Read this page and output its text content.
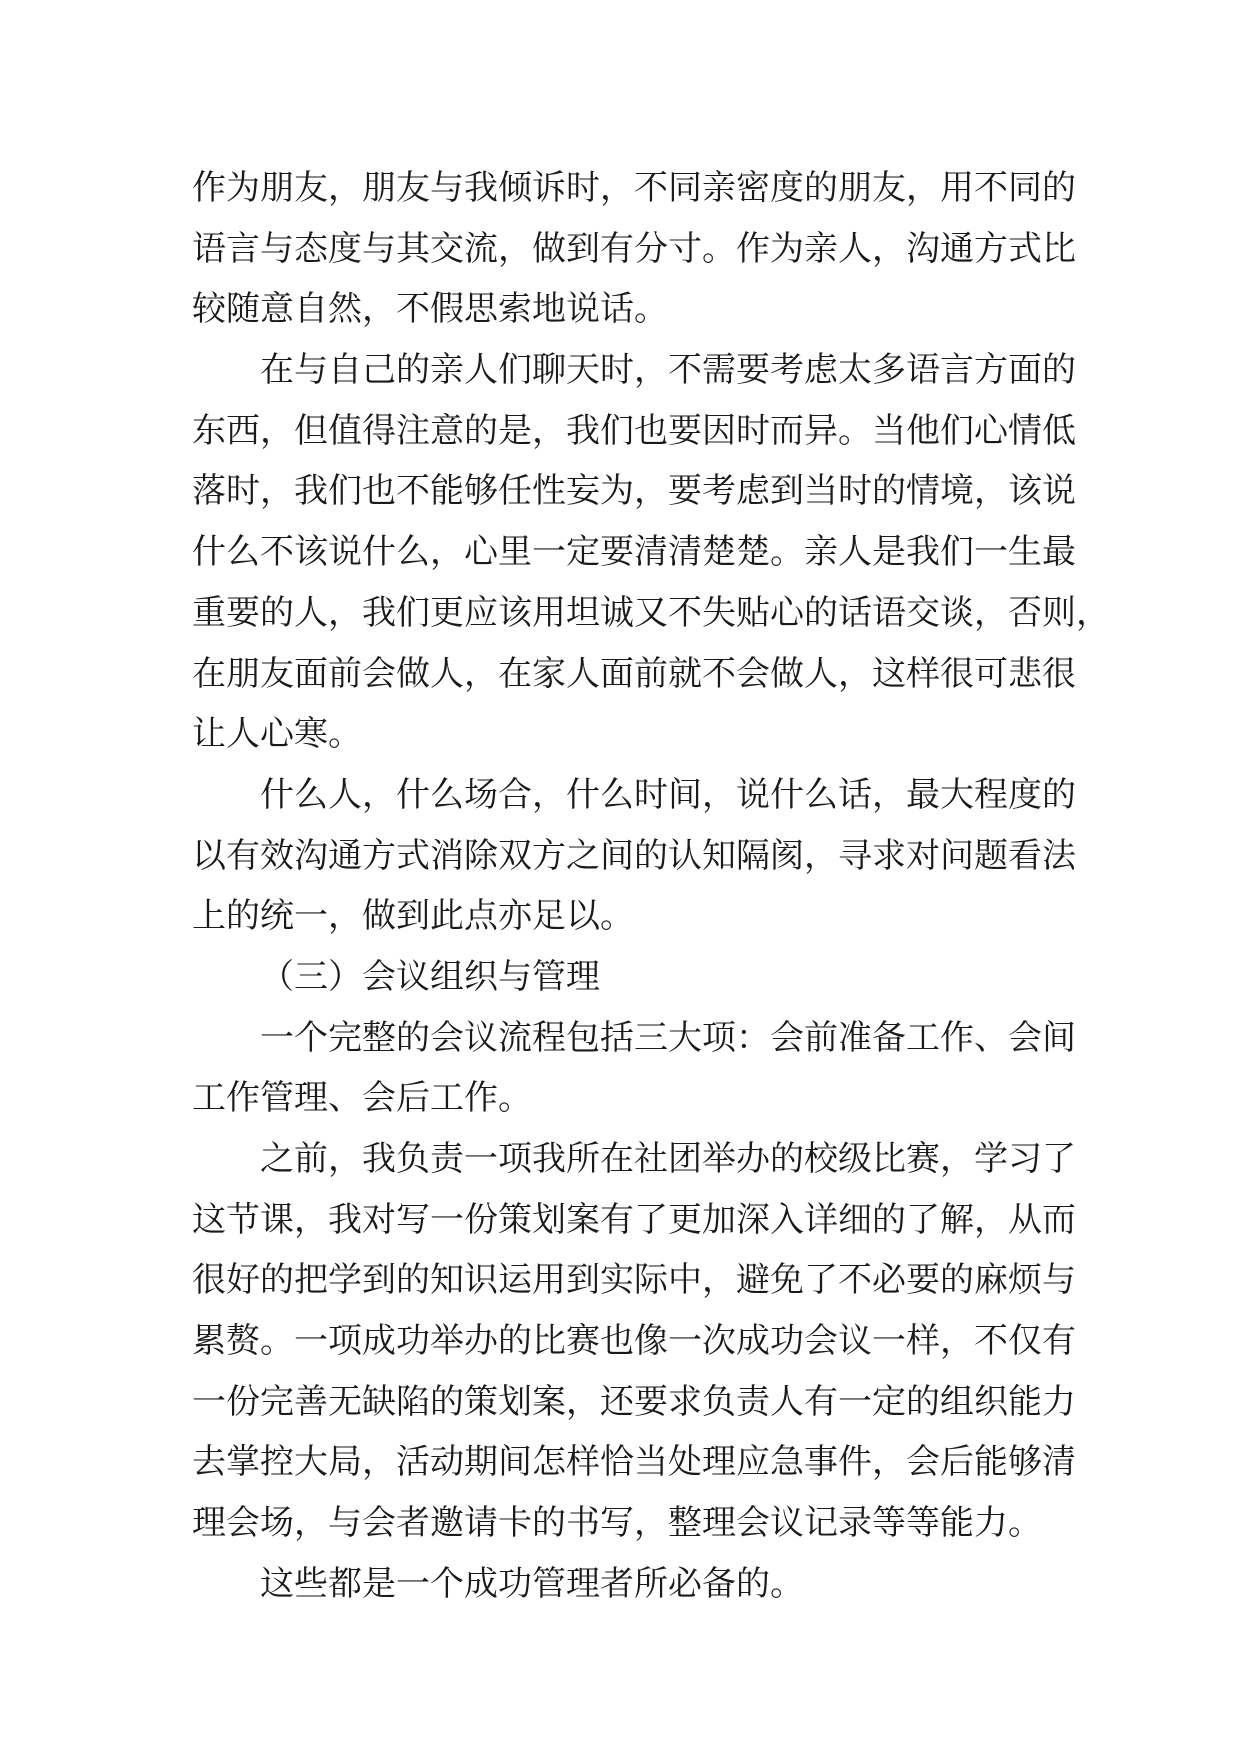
作为朋友，朋友与我倾诉时，不同亲密度的朋友，用不同的
语言与态度与其交流，做到有分寸。作为亲人，沟通方式比
较随意自然，不假思索地说话。
在与自己的亲人们聊天时，不需要考虑太多语言方面的
东西，但值得注意的是，我们也要因时而异。当他们心情低
落时，我们也不能够任性妄为，要考虑到当时的情境，该说
什么不该说什么，心里一定要清清楚楚。亲人是我们一生最
重要的人，我们更应该用坦诚又不失贴心的话语交谈，否则，
在朋友面前会做人，在家人面前就不会做人，这样很可悲很
让人心寒。
什么人，什么场合，什么时间，说什么话，最大程度的
以有效沟通方式消除双方之间的认知隔阂，寻求对问题看法
上的统一，做到此点亦足以。
（三）会议组织与管理
一个完整的会议流程包括三大项：会前准备工作、会间
工作管理、会后工作。
之前，我负责一项我所在社团举办的校级比赛，学习了
这节课，我对写一份策划案有了更加深入详细的了解，从而
很好的把学到的知识运用到实际中，避免了不必要的麻烦与
累赘。一项成功举办的比赛也像一次成功会议一样，不仅有
一份完善无缺陷的策划案，还要求负责人有一定的组织能力
去掌控大局，活动期间怎样恰当处理应急事件，会后能够清
理会场，与会者邀请卡的书写，整理会议记录等等能力。
这些都是一个成功管理者所必备的。
